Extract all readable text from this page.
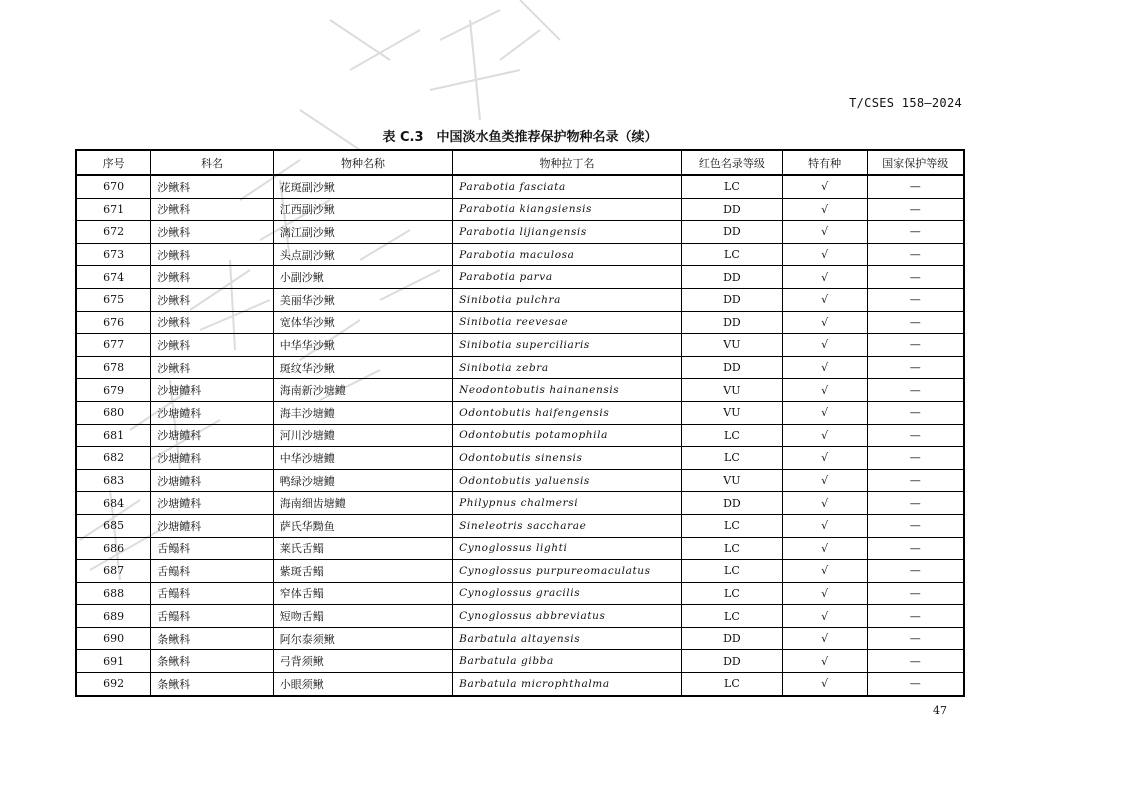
T/CSES 158—2024
表 C.3　中国淡水鱼类推荐保护物种名录（续）
序号	科名	物种名称	物种拉丁名	红色名录等级	特有种	国家保护等级
670	沙鳅科	花斑副沙鳅	Parabotia fasciata	LC	√	—
671	沙鳅科	江西副沙鳅	Parabotia kiangsiensis	DD	√	—
672	沙鳅科	漓江副沙鳅	Parabotia lijiangensis	DD	√	—
673	沙鳅科	头点副沙鳅	Parabotia maculosa	LC	√	—
674	沙鳅科	小副沙鳅	Parabotia parva	DD	√	—
675	沙鳅科	美丽华沙鳅	Sinibotia pulchra	DD	√	—
676	沙鳅科	宽体华沙鳅	Sinibotia reevesae	DD	√	—
677	沙鳅科	中华华沙鳅	Sinibotia superciliaris	VU	√	—
678	沙鳅科	斑纹华沙鳅	Sinibotia zebra	DD	√	—
679	沙塘鳢科	海南新沙塘鳢	Neodontobutis hainanensis	VU	√	—
680	沙塘鳢科	海丰沙塘鳢	Odontobutis haifengensis	VU	√	—
681	沙塘鳢科	河川沙塘鳢	Odontobutis potamophila	LC	√	—
682	沙塘鳢科	中华沙塘鳢	Odontobutis sinensis	LC	√	—
683	沙塘鳢科	鸭绿沙塘鳢	Odontobutis yaluensis	VU	√	—
684	沙塘鳢科	海南细齿塘鳢	Philypnus chalmersi	DD	√	—
685	沙塘鳢科	萨氏华黝鱼	Sineleotris saccharae	LC	√	—
686	舌鳎科	莱氏舌鳎	Cynoglossus lighti	LC	√	—
687	舌鳎科	紫斑舌鳎	Cynoglossus purpureomaculatus	LC	√	—
688	舌鳎科	窄体舌鳎	Cynoglossus gracilis	LC	√	—
689	舌鳎科	短吻舌鳎	Cynoglossus abbreviatus	LC	√	—
690	条鳅科	阿尔泰须鳅	Barbatula altayensis	DD	√	—
691	条鳅科	弓背须鳅	Barbatula gibba	DD	√	—
692	条鳅科	小眼须鳅	Barbatula microphthalma	LC	√	—
47
